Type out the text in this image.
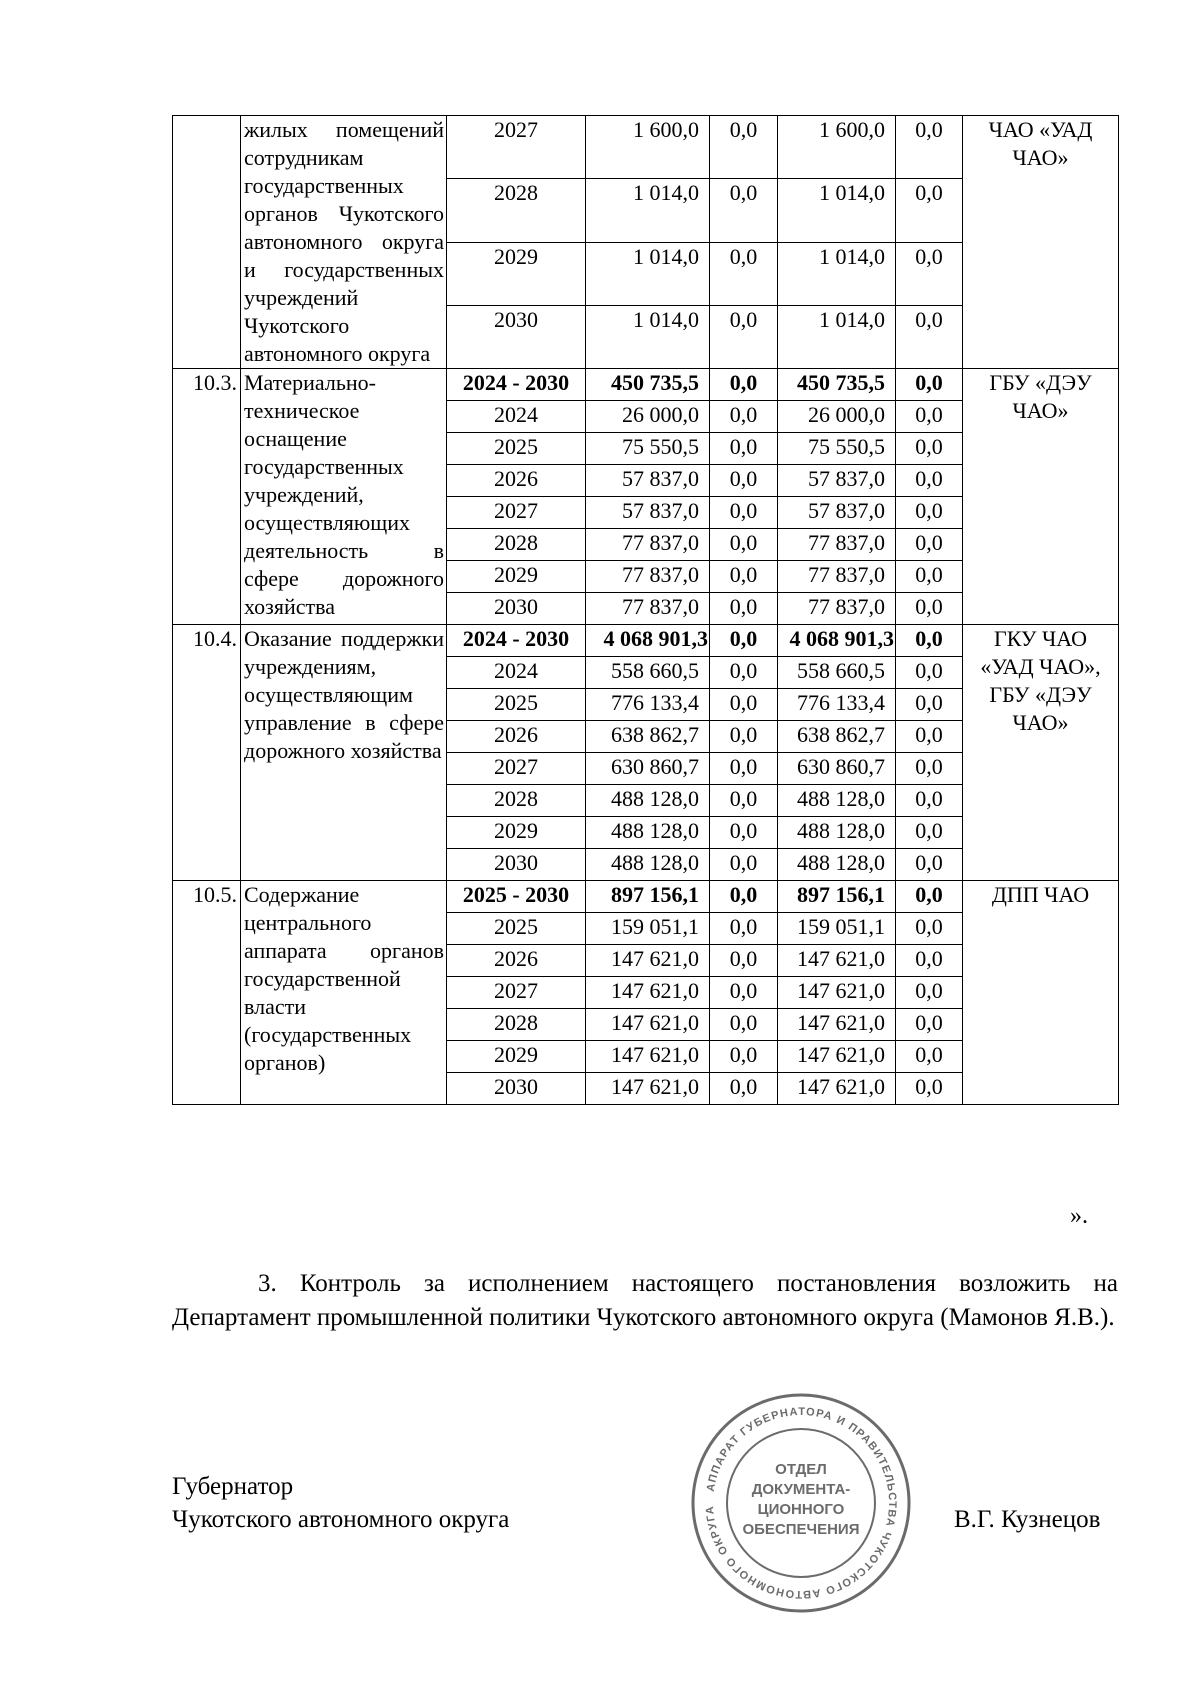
	жилых помещений сотрудникам государственных органов Чукотского автономного округа и государственных учреждений Чукотского автономного округа	2027	1 600,0	0,0	1 600,0	0,0	ЧАО «УАД ЧАО»
		2028	1 014,0	0,0	1 014,0	0,0	
		2029	1 014,0	0,0	1 014,0	0,0	
		2030	1 014,0	0,0	1 014,0	0,0	
10.3.	Материально-техническое оснащение государственных учреждений, осуществляющих деятельность в сфере дорожного хозяйства	2024 - 2030	450 735,5	0,0	450 735,5	0,0	ГБУ «ДЭУ ЧАО»
		2024	26 000,0	0,0	26 000,0	0,0	
		2025	75 550,5	0,0	75 550,5	0,0	
		2026	57 837,0	0,0	57 837,0	0,0	
		2027	57 837,0	0,0	57 837,0	0,0	
		2028	77 837,0	0,0	77 837,0	0,0	
		2029	77 837,0	0,0	77 837,0	0,0	
		2030	77 837,0	0,0	77 837,0	0,0	
10.4.	Оказание поддержки учреждениям, осуществляющим управление в сфере дорожного хозяйства	2024 - 2030	4 068 901,3	0,0	4 068 901,3	0,0	ГКУ ЧАО «УАД ЧАО», ГБУ «ДЭУ ЧАО»
		2024	558 660,5	0,0	558 660,5	0,0	
		2025	776 133,4	0,0	776 133,4	0,0	
		2026	638 862,7	0,0	638 862,7	0,0	
		2027	630 860,7	0,0	630 860,7	0,0	
		2028	488 128,0	0,0	488 128,0	0,0	
		2029	488 128,0	0,0	488 128,0	0,0	
		2030	488 128,0	0,0	488 128,0	0,0	
10.5.	Содержание центрального аппарата органов государственной власти (государственных органов)	2025 - 2030	897 156,1	0,0	897 156,1	0,0	ДПП ЧАО
		2025	159 051,1	0,0	159 051,1	0,0	
		2026	147 621,0	0,0	147 621,0	0,0	
		2027	147 621,0	0,0	147 621,0	0,0	
		2028	147 621,0	0,0	147 621,0	0,0	
		2029	147 621,0	0,0	147 621,0	0,0	
		2030	147 621,0	0,0	147 621,0	0,0	
».
3. Контроль за исполнением настоящего постановления возложить на Департамент промышленной политики Чукотского автономного округа (Мамонов Я.В.).
Губернатор
Чукотского автономного округа	В.Г. Кузнецов
АППАРАТ ГУБЕРНАТОРА И ПРАВИТЕЛЬСТВА ЧУКОТСКОГО АВТОНОМНОГО ОКРУГА
ОТДЕЛ
ДОКУМЕНТА-
ЦИОННОГО
ОБЕСПЕЧЕНИЯ
